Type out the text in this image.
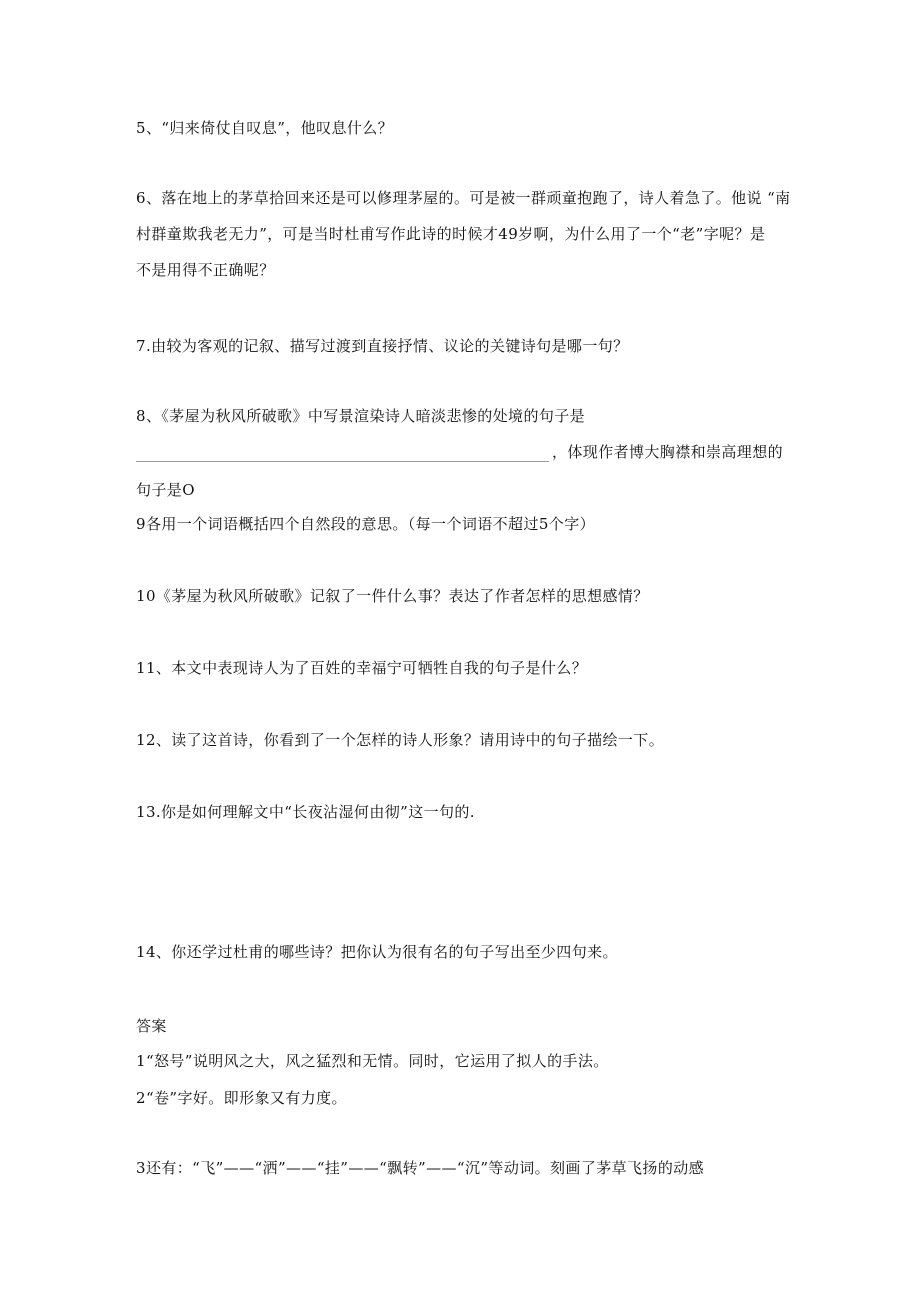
5、“归来倚仗自叹息”，他叹息什么？
6、落在地上的茅草拾回来还是可以修理茅屋的。可是被一群顽童抱跑了，诗人着急了。他说 “南
村群童欺我老无力”，可是当时杜甫写作此诗的时候才49岁啊，为什么用了一个“老”字呢？是
不是用得不正确呢？
7.由较为客观的记叙、描写过渡到直接抒情、议论的关键诗句是哪一句？
8、《茅屋为秋风所破歌》中写景渲染诗人暗淡悲惨的处境的句子是
，体现作者博大胸襟和崇高理想的
句子是O
9各用一个词语概括四个自然段的意思。（每一个词语不超过5个字）
10《茅屋为秋风所破歌》记叙了一件什么事？表达了作者怎样的思想感情？
11、本文中表现诗人为了百姓的幸福宁可牺牲自我的句子是什么？
12、读了这首诗，你看到了一个怎样的诗人形象？请用诗中的句子描绘一下。
13.你是如何理解文中“长夜沾湿何由彻”这一句的.
14、你还学过杜甫的哪些诗？把你认为很有名的句子写出至少四句来。
答案
1“怒号”说明风之大，风之猛烈和无情。同时，它运用了拟人的手法。
2“卷”字好。即形象又有力度。
3还有：“飞”——“洒”——“挂”——“飘转”——“沉”等动词。刻画了茅草飞扬的动感
